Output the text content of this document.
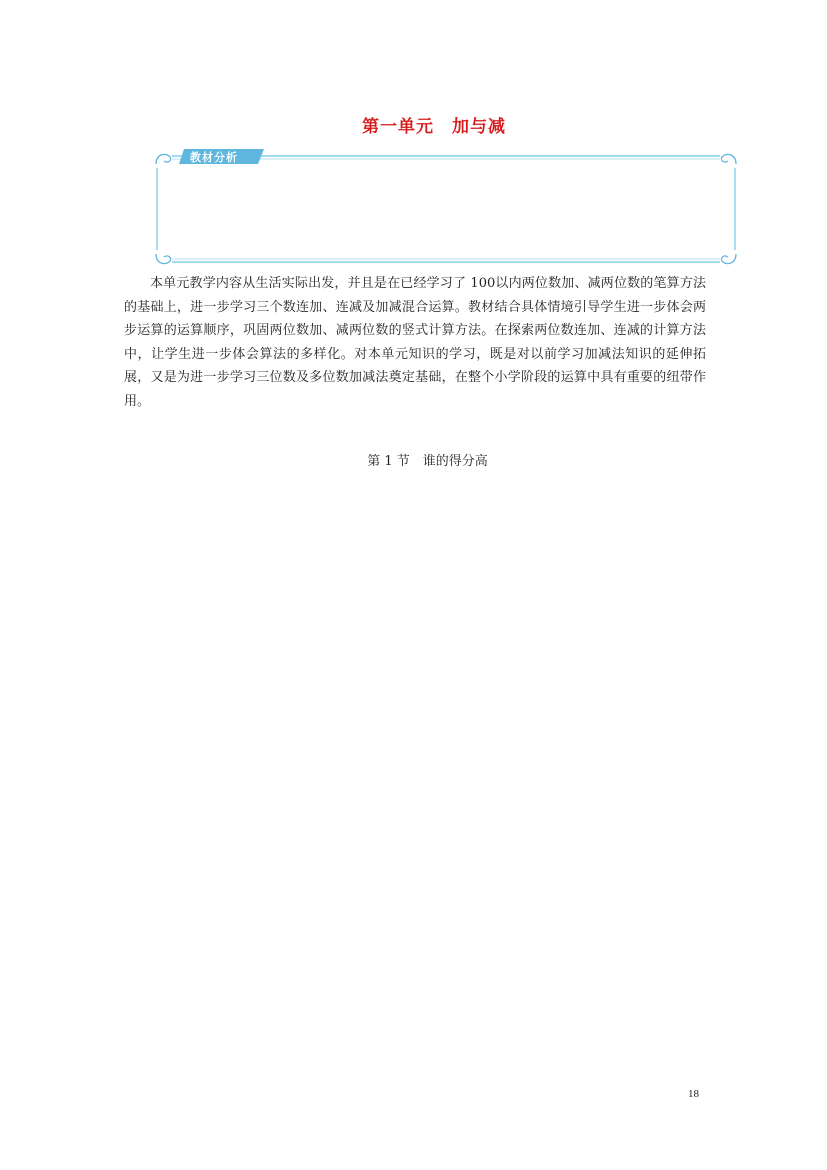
第一单元　加与减
教材分析

本单元教学内容从生活实际出发，并且是在已经学习了 100以内两位数加、减两位数的笔算方法的基础上，进一步学习三个数连加、连减及加减混合运算。教材结合具体情境引导学生进一步体会两步运算的运算顺序，巩固两位数加、减两位数的竖式计算方法。在探索两位数连加、连减的计算方法中，让学生进一步体会算法的多样化。对本单元知识的学习，既是对以前学习加减法知识的延伸拓展，又是为进一步学习三位数及多位数加减法奠定基础，在整个小学阶段的运算中具有重要的纽带作用。

第 1 节　谁的得分高
18
